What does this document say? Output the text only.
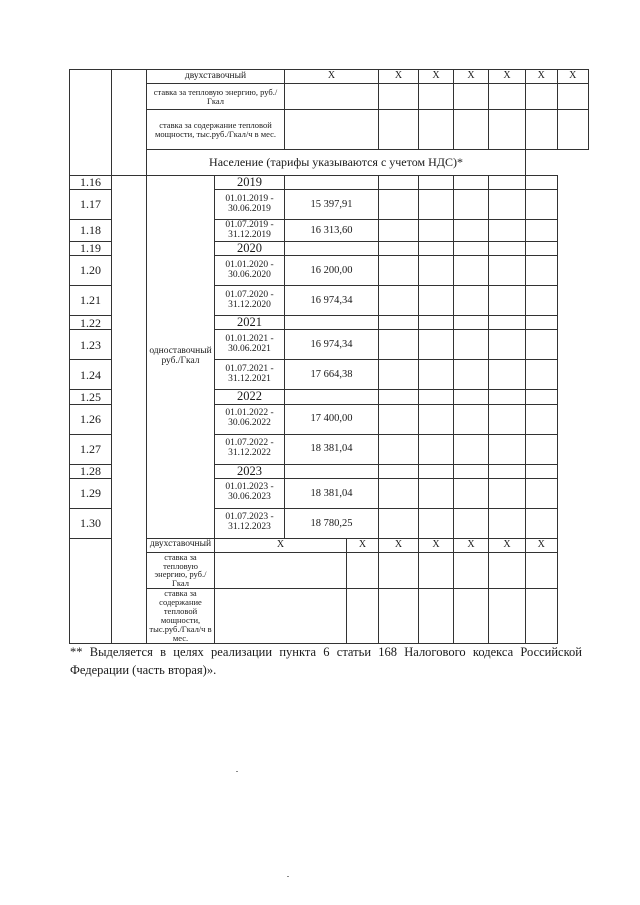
		двухставочный		X		X	X	X	X	X	X
		ставка за тепловую энергию, руб./Гкал									
		ставка за содержание тепловой мощности, тыс.руб./Гкал/ч в мес.									
		Население (тарифы указываются с учетом НДС)*									
1.16		одноставочный руб./Гкал	2019								
1.17			01.01.2019 - 30.06.2019	15 397,91							
1.18			01.07.2019 - 31.12.2019	16 313,60							
1.19			2020								
1.20			01.01.2020 - 30.06.2020	16 200,00							
1.21			01.07.2020 - 31.12.2020	16 974,34							
1.22			2021								
1.23			01.01.2021 - 30.06.2021	16 974,34							
1.24			01.07.2021 - 31.12.2021	17 664,38							
1.25			2022								
1.26			01.01.2022 - 30.06.2022	17 400,00							
1.27			01.07.2022 - 31.12.2022	18 381,04							
1.28			2023								
1.29			01.01.2023 - 30.06.2023	18 381,04							
1.30			01.07.2023 - 31.12.2023	18 780,25							
		двухставочный	X		X	X	X	X	X	X	
		ставка за тепловую энергию, руб./Гкал									
		ставка за содержание тепловой мощности, тыс.руб./Гкал/ч в мес.									
** Выделяется в целях реализации пункта 6 статьи 168 Налогового кодекса Российской Федерации (часть вторая)».
